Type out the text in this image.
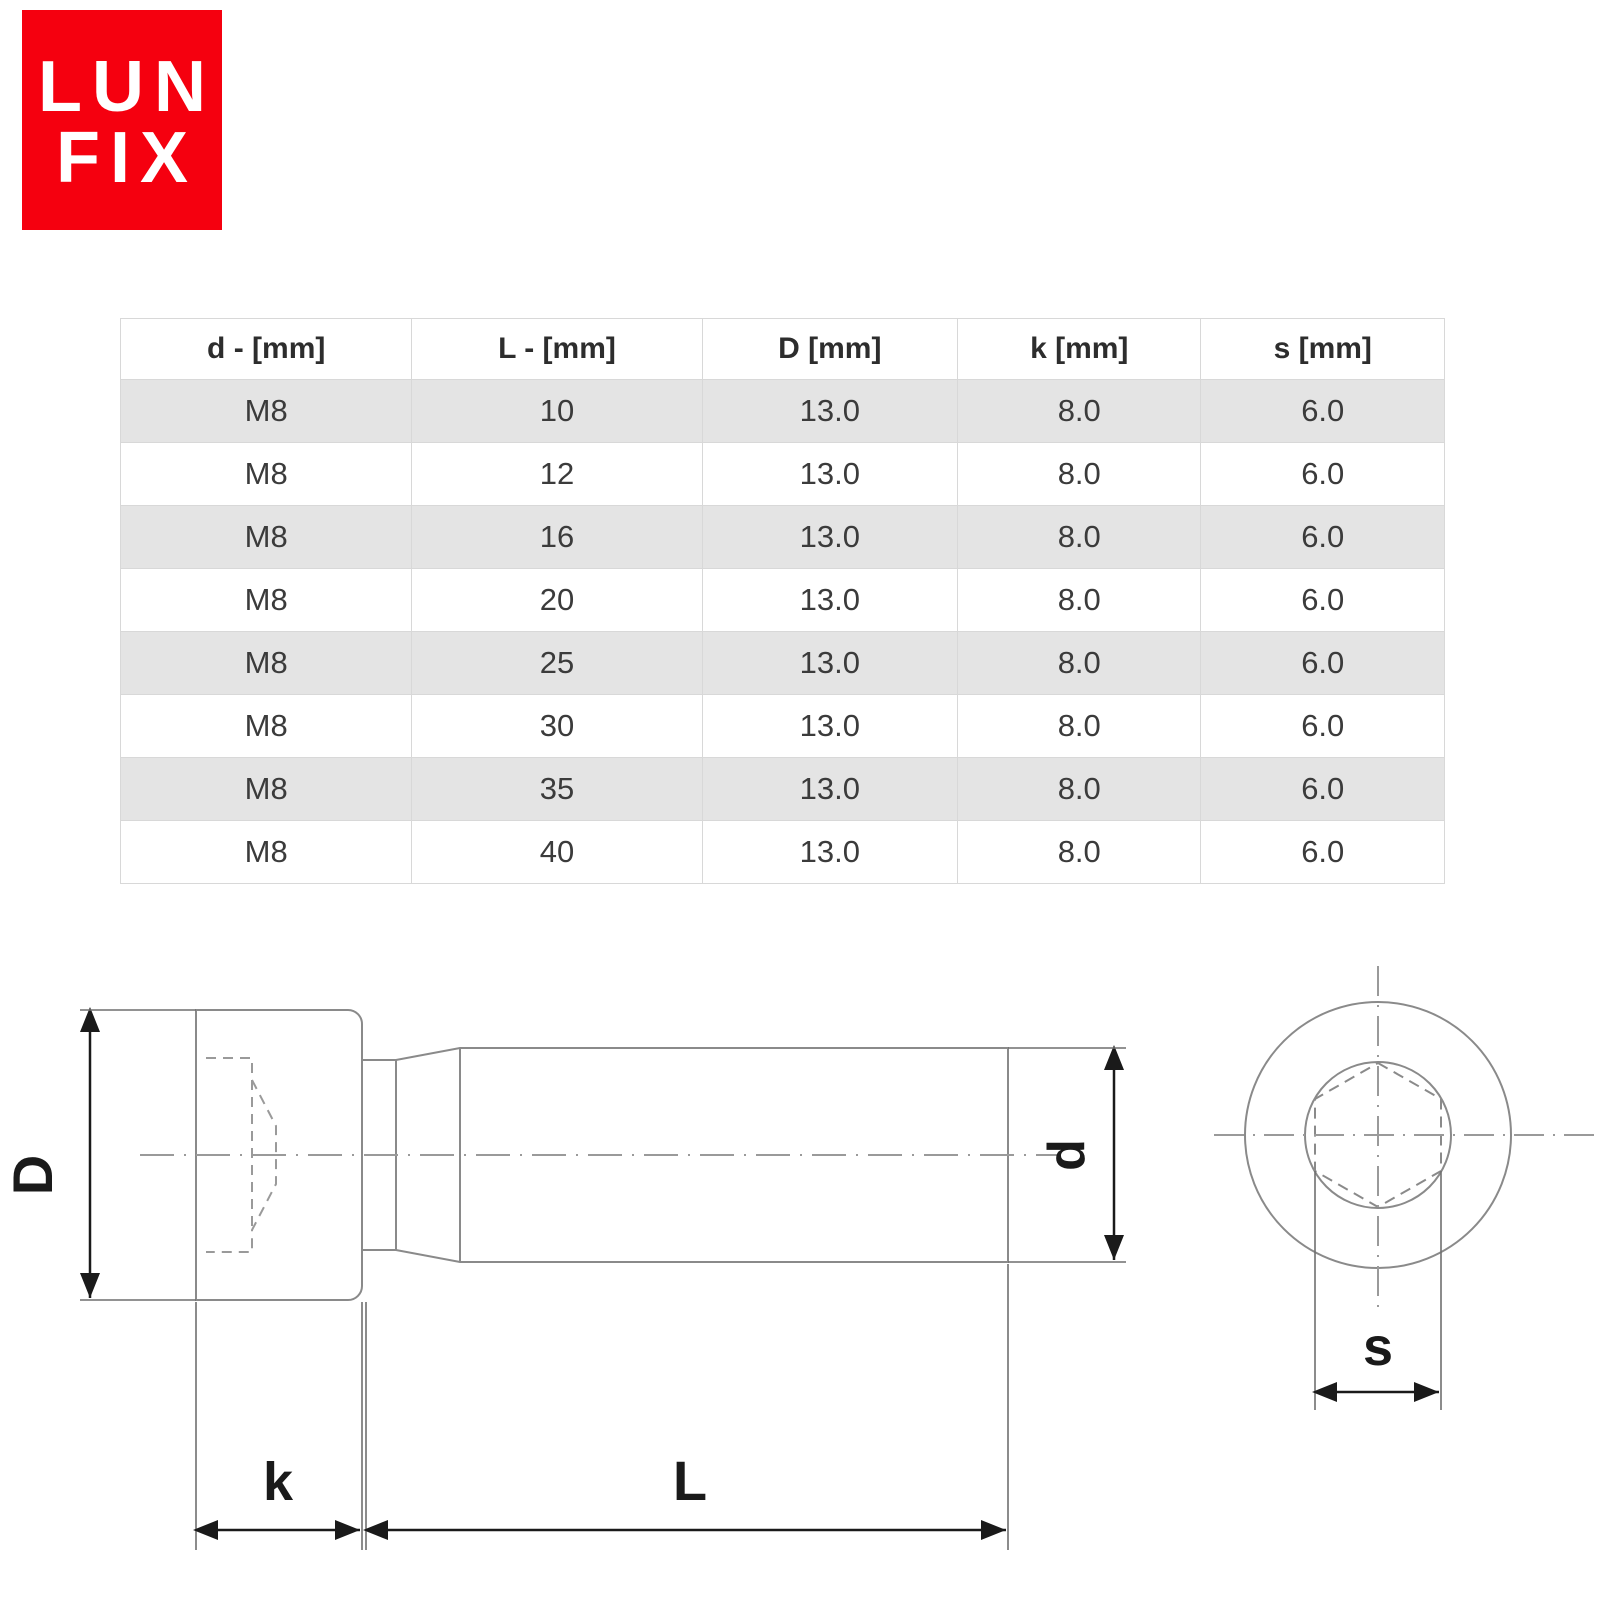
LUN
FIX
d - [mm]	L - [mm]	D [mm]	k [mm]	s [mm]
M8	10	13.0	8.0	6.0
M8	12	13.0	8.0	6.0
M8	16	13.0	8.0	6.0
M8	20	13.0	8.0	6.0
M8	25	13.0	8.0	6.0
M8	30	13.0	8.0	6.0
M8	35	13.0	8.0	6.0
M8	40	13.0	8.0	6.0
D	d
k	L
s
